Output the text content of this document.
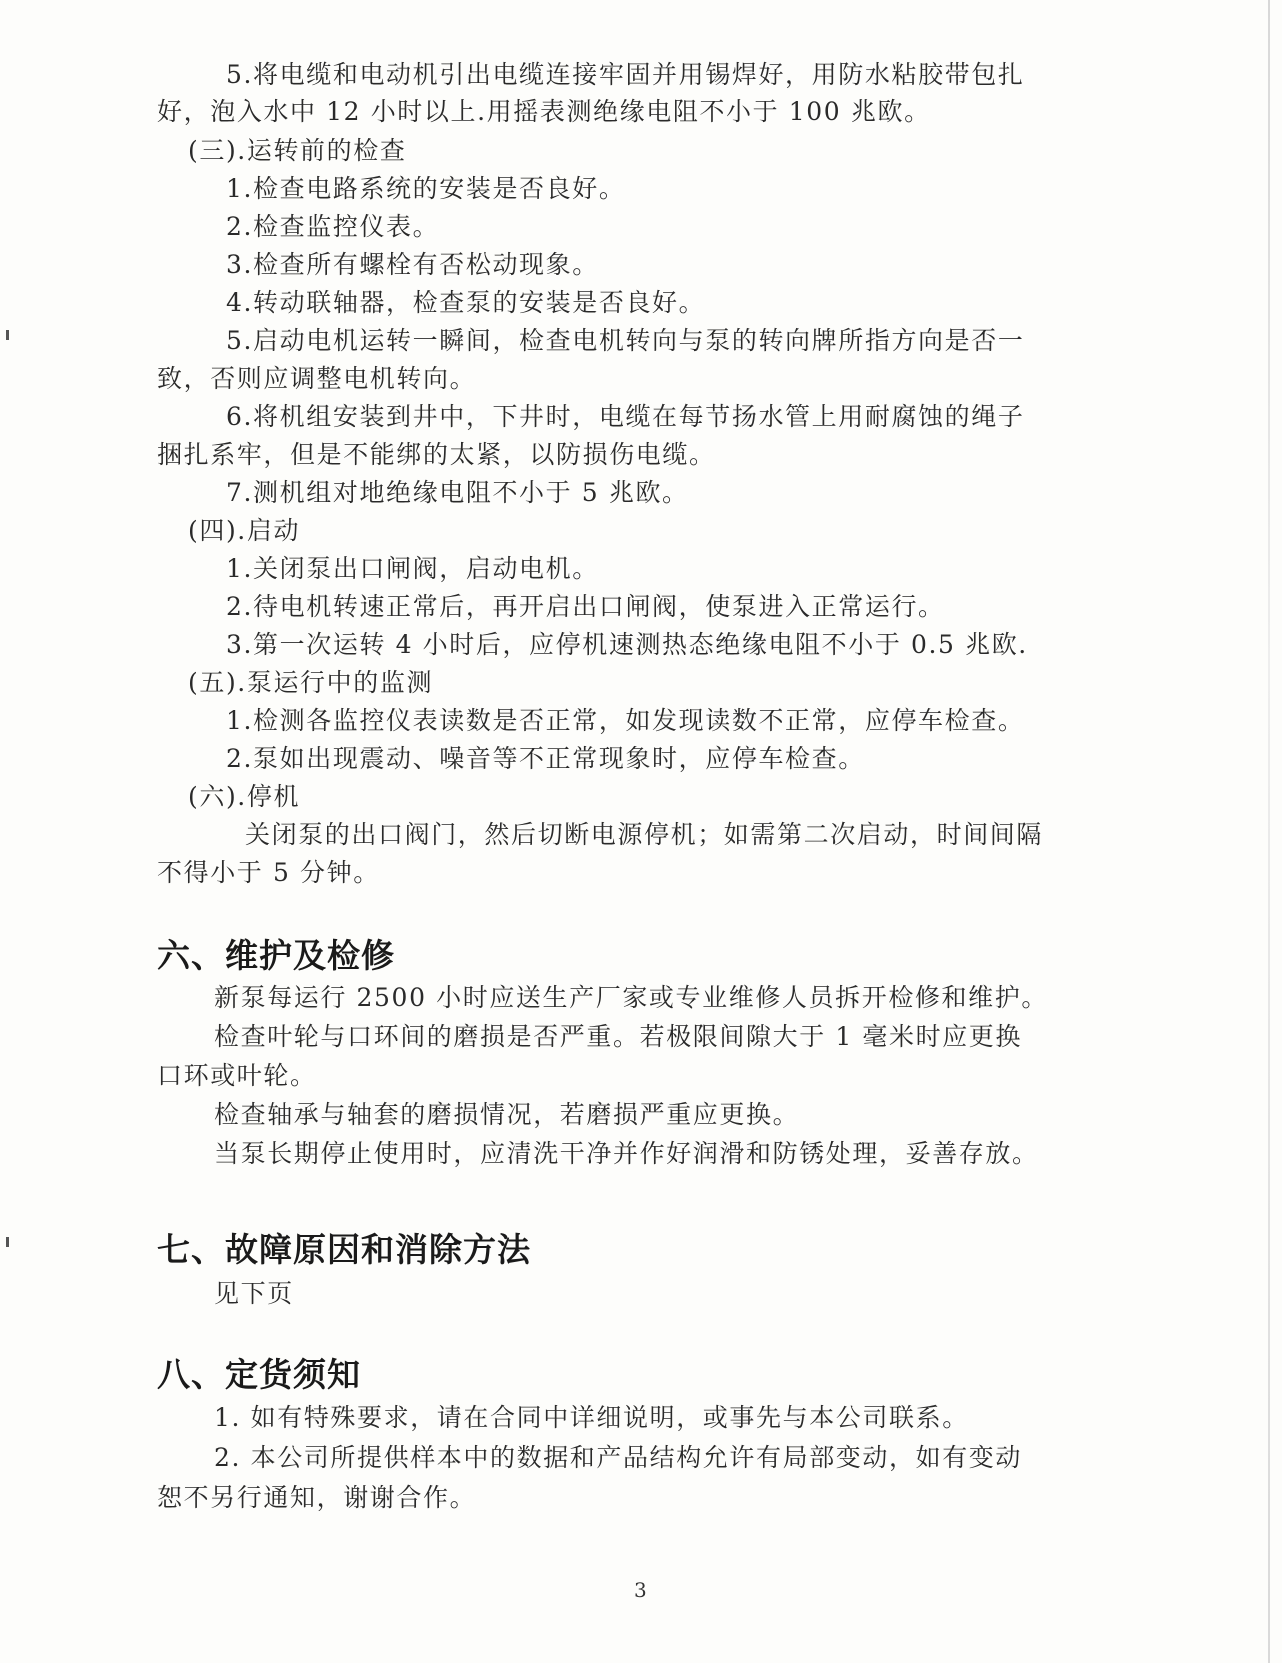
5.将电缆和电动机引出电缆连接牢固并用锡焊好，用防水粘胶带包扎
好，泡入水中 12 小时以上.用摇表测绝缘电阻不小于 100 兆欧。
(三).运转前的检查
1.检查电路系统的安装是否良好。
2.检查监控仪表。
3.检查所有螺栓有否松动现象。
4.转动联轴器，检查泵的安装是否良好。
5.启动电机运转一瞬间，检查电机转向与泵的转向牌所指方向是否一
致，否则应调整电机转向。
6.将机组安装到井中，下井时，电缆在每节扬水管上用耐腐蚀的绳子
捆扎系牢，但是不能绑的太紧，以防损伤电缆。
7.测机组对地绝缘电阻不小于 5 兆欧。
(四).启动
1.关闭泵出口闸阀，启动电机。
2.待电机转速正常后，再开启出口闸阀，使泵进入正常运行。
3.第一次运转 4 小时后，应停机速测热态绝缘电阻不小于 0.5 兆欧.
(五).泵运行中的监测
1.检测各监控仪表读数是否正常，如发现读数不正常，应停车检查。
2.泵如出现震动、噪音等不正常现象时，应停车检查。
(六).停机
关闭泵的出口阀门，然后切断电源停机；如需第二次启动，时间间隔
不得小于 5 分钟。
六、维护及检修
新泵每运行 2500 小时应送生产厂家或专业维修人员拆开检修和维护。
检查叶轮与口环间的磨损是否严重。若极限间隙大于 1 毫米时应更换
口环或叶轮。
检查轴承与轴套的磨损情况，若磨损严重应更换。
当泵长期停止使用时，应清洗干净并作好润滑和防锈处理，妥善存放。
七、故障原因和消除方法
见下页
八、定货须知
1. 如有特殊要求，请在合同中详细说明，或事先与本公司联系。
2. 本公司所提供样本中的数据和产品结构允许有局部变动，如有变动
恕不另行通知，谢谢合作。
3
